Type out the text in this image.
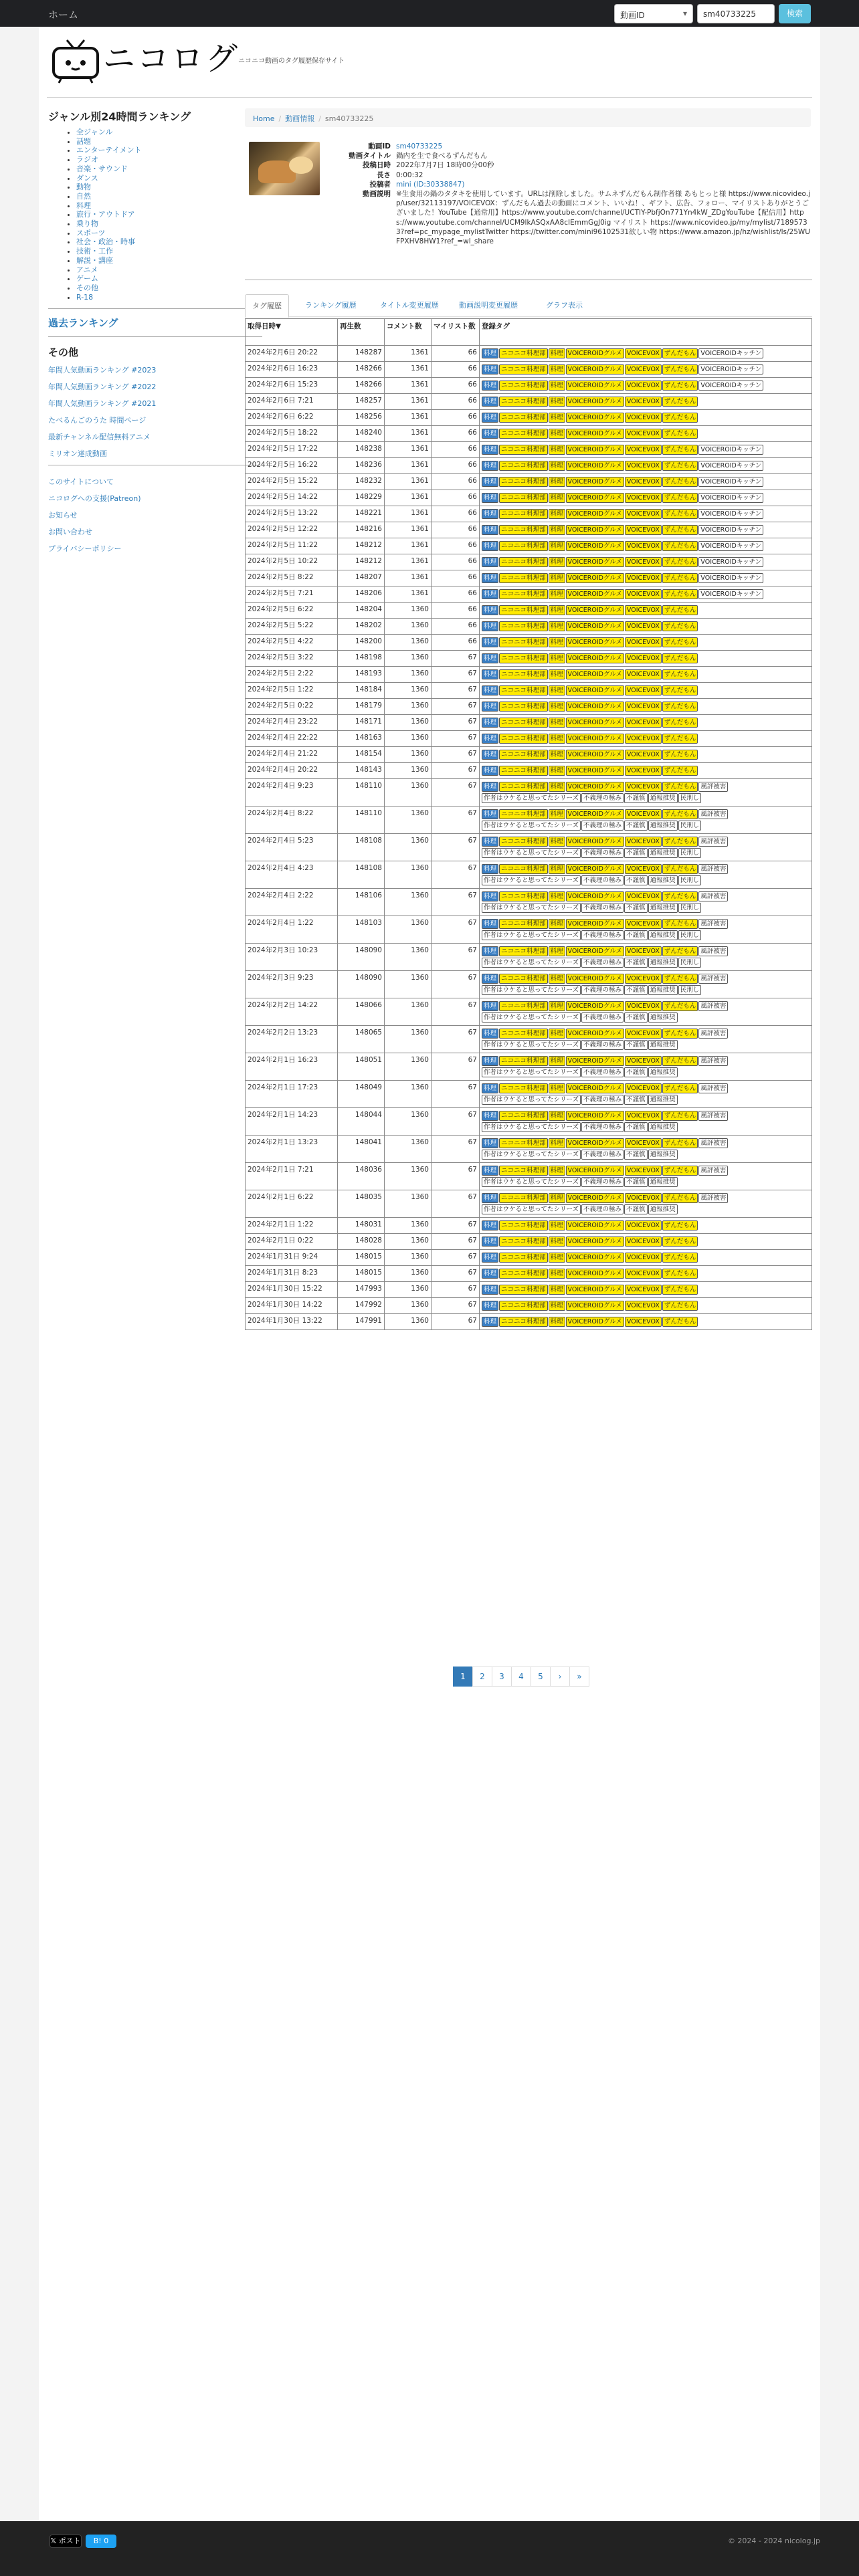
ホーム	動画ID ▾
sm40733225	検索
ニコログ
ニコニコ動画のタグ履歴保存サイト
ジャンル別24時間ランキング
• 全ジャンル
• 話題
• エンターテイメント
• ラジオ
• 音楽・サウンド
• ダンス
• 動物
• 自然
• 料理
• 旅行・アウトドア
• 乗り物
• スポーツ
• 社会・政治・時事
• 技術・工作
• 解説・講座
• アニメ
• ゲーム
• その他
• R-18
過去ランキング
その他
年間人気動画ランキング #2023
年間人気動画ランキング #2022
年間人気動画ランキング #2021
たべるんごのうた 時間ページ
最新チャンネル配信無料アニメ
ミリオン達成動画
このサイトについて
ニコログへの支援(Patreon)
お知らせ
お問い合わせ
プライバシーポリシー
Home / 動画情報 / sm40733225
動画ID sm40733225
動画タイトル 鍋内を生で食べるずんだもん
投稿日時 2022年7月7日 18時00分00秒
長さ 0:00:32
投稿者 mini (ID:30338847)
動画説明 ※生食用の鍋のタタキを使用しています。URLは削除しました。サムネずんだもん制作者様 あもとっと様 https://www.nicovideo.jp/user/32113197/VOICEVOX：ずんだもん過去の動画にコメント、いいね！、ギフト、広告、フォロー、マイリストありがとうございました！YouTube【通常用】https://www.youtube.com/channel/UCTIY-PbfjOn771Yn4kW_ZDgYouTube【配信用】https://www.youtube.com/channel/UCM9lkASQxAA8cIEmmGgJ0ig マイリスト https://www.nicovideo.jp/my/mylist/71895733?ref=pc_mypage_mylistTwitter https://twitter.com/mini96102531欲しい物 https://www.amazon.jp/hz/wishlist/ls/25WUFPXHV8HW1?ref_=wl_share
タグ履歴	ランキング履歴	タイトル変更履歴	動画説明変更履歴	グラフ表示
取得日時▼	再生数	コメント数	マイリスト数	登録タグ
2024年2月6日 20:22	148287	1361	66	料理 ニコニコ料理部 料理 VOICEROIDグルメ VOICEVOX ずんだもん VOICEROIDキッチン
2024年2月6日 16:23	148266	1361	66	料理 ニコニコ料理部 料理 VOICEROIDグルメ VOICEVOX ずんだもん VOICEROIDキッチン
2024年2月6日 15:23	148266	1361	66	料理 ニコニコ料理部 料理 VOICEROIDグルメ VOICEVOX ずんだもん VOICEROIDキッチン
2024年2月6日 7:21	148257	1361	66	料理 ニコニコ料理部 料理 VOICEROIDグルメ VOICEVOX ずんだもん
2024年2月6日 6:22	148256	1361	66	料理 ニコニコ料理部 料理 VOICEROIDグルメ VOICEVOX ずんだもん
2024年2月5日 18:22	148240	1361	66	料理 ニコニコ料理部 料理 VOICEROIDグルメ VOICEVOX ずんだもん
2024年2月5日 17:22	148238	1361	66	料理 ニコニコ料理部 料理 VOICEROIDグルメ VOICEVOX ずんだもん VOICEROIDキッチン
2024年2月5日 16:22	148236	1361	66	料理 ニコニコ料理部 料理 VOICEROIDグルメ VOICEVOX ずんだもん VOICEROIDキッチン
2024年2月5日 15:22	148232	1361	66	料理 ニコニコ料理部 料理 VOICEROIDグルメ VOICEVOX ずんだもん VOICEROIDキッチン
2024年2月5日 14:22	148229	1361	66	料理 ニコニコ料理部 料理 VOICEROIDグルメ VOICEVOX ずんだもん VOICEROIDキッチン
2024年2月5日 13:22	148221	1361	66	料理 ニコニコ料理部 料理 VOICEROIDグルメ VOICEVOX ずんだもん VOICEROIDキッチン
2024年2月5日 12:22	148216	1361	66	料理 ニコニコ料理部 料理 VOICEROIDグルメ VOICEVOX ずんだもん VOICEROIDキッチン
2024年2月5日 11:22	148212	1361	66	料理 ニコニコ料理部 料理 VOICEROIDグルメ VOICEVOX ずんだもん VOICEROIDキッチン
2024年2月5日 10:22	148212	1361	66	料理 ニコニコ料理部 料理 VOICEROIDグルメ VOICEVOX ずんだもん VOICEROIDキッチン
2024年2月5日 8:22	148207	1361	66	料理 ニコニコ料理部 料理 VOICEROIDグルメ VOICEVOX ずんだもん VOICEROIDキッチン
2024年2月5日 7:21	148206	1361	66	料理 ニコニコ料理部 料理 VOICEROIDグルメ VOICEVOX ずんだもん VOICEROIDキッチン
2024年2月5日 6:22	148204	1360	66	料理 ニコニコ料理部 料理 VOICEROIDグルメ VOICEVOX ずんだもん
2024年2月5日 5:22	148202	1360	66	料理 ニコニコ料理部 料理 VOICEROIDグルメ VOICEVOX ずんだもん
2024年2月5日 4:22	148200	1360	66	料理 ニコニコ料理部 料理 VOICEROIDグルメ VOICEVOX ずんだもん
2024年2月5日 3:22	148198	1360	67	料理 ニコニコ料理部 料理 VOICEROIDグルメ VOICEVOX ずんだもん
2024年2月5日 2:22	148193	1360	67	料理 ニコニコ料理部 料理 VOICEROIDグルメ VOICEVOX ずんだもん
2024年2月5日 1:22	148184	1360	67	料理 ニコニコ料理部 料理 VOICEROIDグルメ VOICEVOX ずんだもん
2024年2月5日 0:22	148179	1360	67	料理 ニコニコ料理部 料理 VOICEROIDグルメ VOICEVOX ずんだもん
2024年2月4日 23:22	148171	1360	67	料理 ニコニコ料理部 料理 VOICEROIDグルメ VOICEVOX ずんだもん
2024年2月4日 22:22	148163	1360	67	料理 ニコニコ料理部 料理 VOICEROIDグルメ VOICEVOX ずんだもん
2024年2月4日 21:22	148154	1360	67	料理 ニコニコ料理部 料理 VOICEROIDグルメ VOICEVOX ずんだもん
2024年2月4日 20:22	148143	1360	67	料理 ニコニコ料理部 料理 VOICEROIDグルメ VOICEVOX ずんだもん
2024年2月4日 9:23	148110	1360	67	料理 ニコニコ料理部 料理 VOICEROIDグルメ VOICEVOX ずんだもん 風評被害作者はウケると思ってたシリーズ 不義理の極み 不謹慎 通報推奨 民刑し
2024年2月4日 8:22	148110	1360	67	料理 ニコニコ料理部 料理 VOICEROIDグルメ VOICEVOX ずんだもん 風評被害作者はウケると思ってたシリーズ 不義理の極み 不謹慎 通報推奨 民刑し
2024年2月4日 5:23	148108	1360	67	料理 ニコニコ料理部 料理 VOICEROIDグルメ VOICEVOX ずんだもん 風評被害作者はウケると思ってたシリーズ 不義理の極み 不謹慎 通報推奨 民刑し
2024年2月4日 4:23	148108	1360	67	料理 ニコニコ料理部 料理 VOICEROIDグルメ VOICEVOX ずんだもん 風評被害作者はウケると思ってたシリーズ 不義理の極み 不謹慎 通報推奨 民刑し
2024年2月4日 2:22	148106	1360	67	料理 ニコニコ料理部 料理 VOICEROIDグルメ VOICEVOX ずんだもん 風評被害作者はウケると思ってたシリーズ 不義理の極み 不謹慎 通報推奨 民刑し
2024年2月4日 1:22	148103	1360	67	料理 ニコニコ料理部 料理 VOICEROIDグルメ VOICEVOX ずんだもん 風評被害作者はウケると思ってたシリーズ 不義理の極み 不謹慎 通報推奨 民刑し
2024年2月3日 10:23	148090	1360	67	料理 ニコニコ料理部 料理 VOICEROIDグルメ VOICEVOX ずんだもん 風評被害作者はウケると思ってたシリーズ 不義理の極み 不謹慎 通報推奨 民刑し
2024年2月3日 9:23	148090	1360	67	料理 ニコニコ料理部 料理 VOICEROIDグルメ VOICEVOX ずんだもん 風評被害作者はウケると思ってたシリーズ 不義理の極み 不謹慎 通報推奨 民刑し
2024年2月2日 14:22	148066	1360	67	料理 ニコニコ料理部 料理 VOICEROIDグルメ VOICEVOX ずんだもん 風評被害作者はウケると思ってたシリーズ 不義理の極み 不謹慎 通報推奨
2024年2月2日 13:23	148065	1360	67	料理 ニコニコ料理部 料理 VOICEROIDグルメ VOICEVOX ずんだもん 風評被害作者はウケると思ってたシリーズ 不義理の極み 不謹慎 通報推奨
2024年2月1日 16:23	148051	1360	67	料理 ニコニコ料理部 料理 VOICEROIDグルメ VOICEVOX ずんだもん 風評被害作者はウケると思ってたシリーズ 不義理の極み 不謹慎 通報推奨
2024年2月1日 17:23	148049	1360	67	料理 ニコニコ料理部 料理 VOICEROIDグルメ VOICEVOX ずんだもん 風評被害作者はウケると思ってたシリーズ 不義理の極み 不謹慎 通報推奨
2024年2月1日 14:23	148044	1360	67	料理 ニコニコ料理部 料理 VOICEROIDグルメ VOICEVOX ずんだもん 風評被害作者はウケると思ってたシリーズ 不義理の極み 不謹慎 通報推奨
2024年2月1日 13:23	148041	1360	67	料理 ニコニコ料理部 料理 VOICEROIDグルメ VOICEVOX ずんだもん 風評被害作者はウケると思ってたシリーズ 不義理の極み 不謹慎 通報推奨
2024年2月1日 7:21	148036	1360	67	料理 ニコニコ料理部 料理 VOICEROIDグルメ VOICEVOX ずんだもん 風評被害作者はウケると思ってたシリーズ 不義理の極み 不謹慎 通報推奨
2024年2月1日 6:22	148035	1360	67	料理 ニコニコ料理部 料理 VOICEROIDグルメ VOICEVOX ずんだもん 風評被害作者はウケると思ってたシリーズ 不義理の極み 不謹慎 通報推奨
2024年2月1日 1:22	148031	1360	67	料理 ニコニコ料理部 料理 VOICEROIDグルメ VOICEVOX ずんだもん
2024年2月1日 0:22	148028	1360	67	料理 ニコニコ料理部 料理 VOICEROIDグルメ VOICEVOX ずんだもん
2024年1月31日 9:24	148015	1360	67	料理 ニコニコ料理部 料理 VOICEROIDグルメ VOICEVOX ずんだもん
2024年1月31日 8:23	148015	1360	67	料理 ニコニコ料理部 料理 VOICEROIDグルメ VOICEVOX ずんだもん
2024年1月30日 15:22	147993	1360	67	料理 ニコニコ料理部 料理 VOICEROIDグルメ VOICEVOX ずんだもん
2024年1月30日 14:22	147992	1360	67	料理 ニコニコ料理部 料理 VOICEROIDグルメ VOICEVOX ずんだもん
2024年1月30日 13:22	147991	1360	67	料理 ニコニコ料理部 料理 VOICEROIDグルメ VOICEVOX ずんだもん
1	2	3	4	5	›	»
𝕏 ポスト	B! 0	© 2024 - 2024 nicolog.jp
